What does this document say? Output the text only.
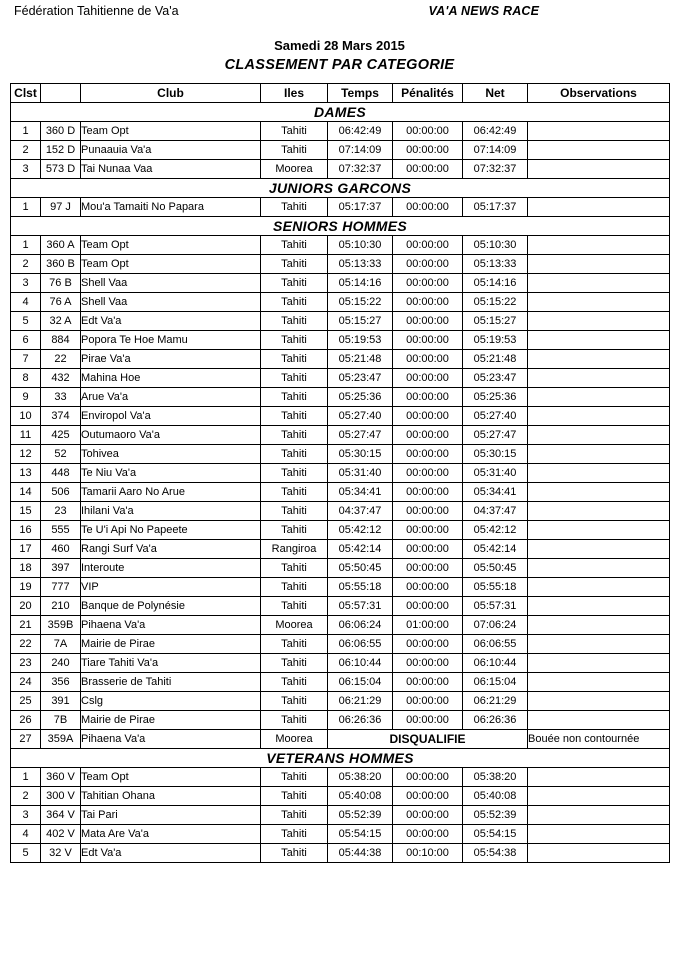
Fédération Tahitienne de Va'a	VA'A NEWS RACE
Samedi 28 Mars 2015
CLASSEMENT PAR CATEGORIE
Clst		Club	Iles	Temps	Pénalités	Net	Observations
DAMES							
1	360 D	Team Opt	Tahiti	06:42:49	00:00:00	06:42:49	
2	152 D	Punaauia Va'a	Tahiti	07:14:09	00:00:00	07:14:09	
3	573 D	Tai Nunaa Vaa	Moorea	07:32:37	00:00:00	07:32:37	
JUNIORS GARCONS							
1	97 J	Mou'a Tamaiti No Papara	Tahiti	05:17:37	00:00:00	05:17:37	
SENIORS HOMMES							
1	360 A	Team Opt	Tahiti	05:10:30	00:00:00	05:10:30	
2	360 B	Team Opt	Tahiti	05:13:33	00:00:00	05:13:33	
3	76 B	Shell Vaa	Tahiti	05:14:16	00:00:00	05:14:16	
4	76 A	Shell Vaa	Tahiti	05:15:22	00:00:00	05:15:22	
5	32 A	Edt Va'a	Tahiti	05:15:27	00:00:00	05:15:27	
6	884	Popora Te Hoe Mamu	Tahiti	05:19:53	00:00:00	05:19:53	
7	22	Pirae Va'a	Tahiti	05:21:48	00:00:00	05:21:48	
8	432	Mahina Hoe	Tahiti	05:23:47	00:00:00	05:23:47	
9	33	Arue Va'a	Tahiti	05:25:36	00:00:00	05:25:36	
10	374	Enviropol Va'a	Tahiti	05:27:40	00:00:00	05:27:40	
11	425	Outumaoro Va'a	Tahiti	05:27:47	00:00:00	05:27:47	
12	52	Tohivea	Tahiti	05:30:15	00:00:00	05:30:15	
13	448	Te Niu Va'a	Tahiti	05:31:40	00:00:00	05:31:40	
14	506	Tamarii Aaro No Arue	Tahiti	05:34:41	00:00:00	05:34:41	
15	23	Ihilani Va'a	Tahiti	04:37:47	00:00:00	04:37:47	
16	555	Te U'i Api No Papeete	Tahiti	05:42:12	00:00:00	05:42:12	
17	460	Rangi Surf Va'a	Rangiroa	05:42:14	00:00:00	05:42:14	
18	397	Interoute	Tahiti	05:50:45	00:00:00	05:50:45	
19	777	VIP	Tahiti	05:55:18	00:00:00	05:55:18	
20	210	Banque de Polynésie	Tahiti	05:57:31	00:00:00	05:57:31	
21	359B	Pihaena Va'a	Moorea	06:06:24	01:00:00	07:06:24	
22	7A	Mairie de Pirae	Tahiti	06:06:55	00:00:00	06:06:55	
23	240	Tiare Tahiti Va'a	Tahiti	06:10:44	00:00:00	06:10:44	
24	356	Brasserie de Tahiti	Tahiti	06:15:04	00:00:00	06:15:04	
25	391	Cslg	Tahiti	06:21:29	00:00:00	06:21:29	
26	7B	Mairie de Pirae	Tahiti	06:26:36	00:00:00	06:26:36	
27	359A	Pihaena Va'a	Moorea	DISQUALIFIE			Bouée non contournée
VETERANS HOMMES							
1	360 V	Team Opt	Tahiti	05:38:20	00:00:00	05:38:20	
2	300 V	Tahitian Ohana	Tahiti	05:40:08	00:00:00	05:40:08	
3	364 V	Tai Pari	Tahiti	05:52:39	00:00:00	05:52:39	
4	402 V	Mata Are Va'a	Tahiti	05:54:15	00:00:00	05:54:15	
5	32 V	Edt Va'a	Tahiti	05:44:38	00:10:00	05:54:38	
